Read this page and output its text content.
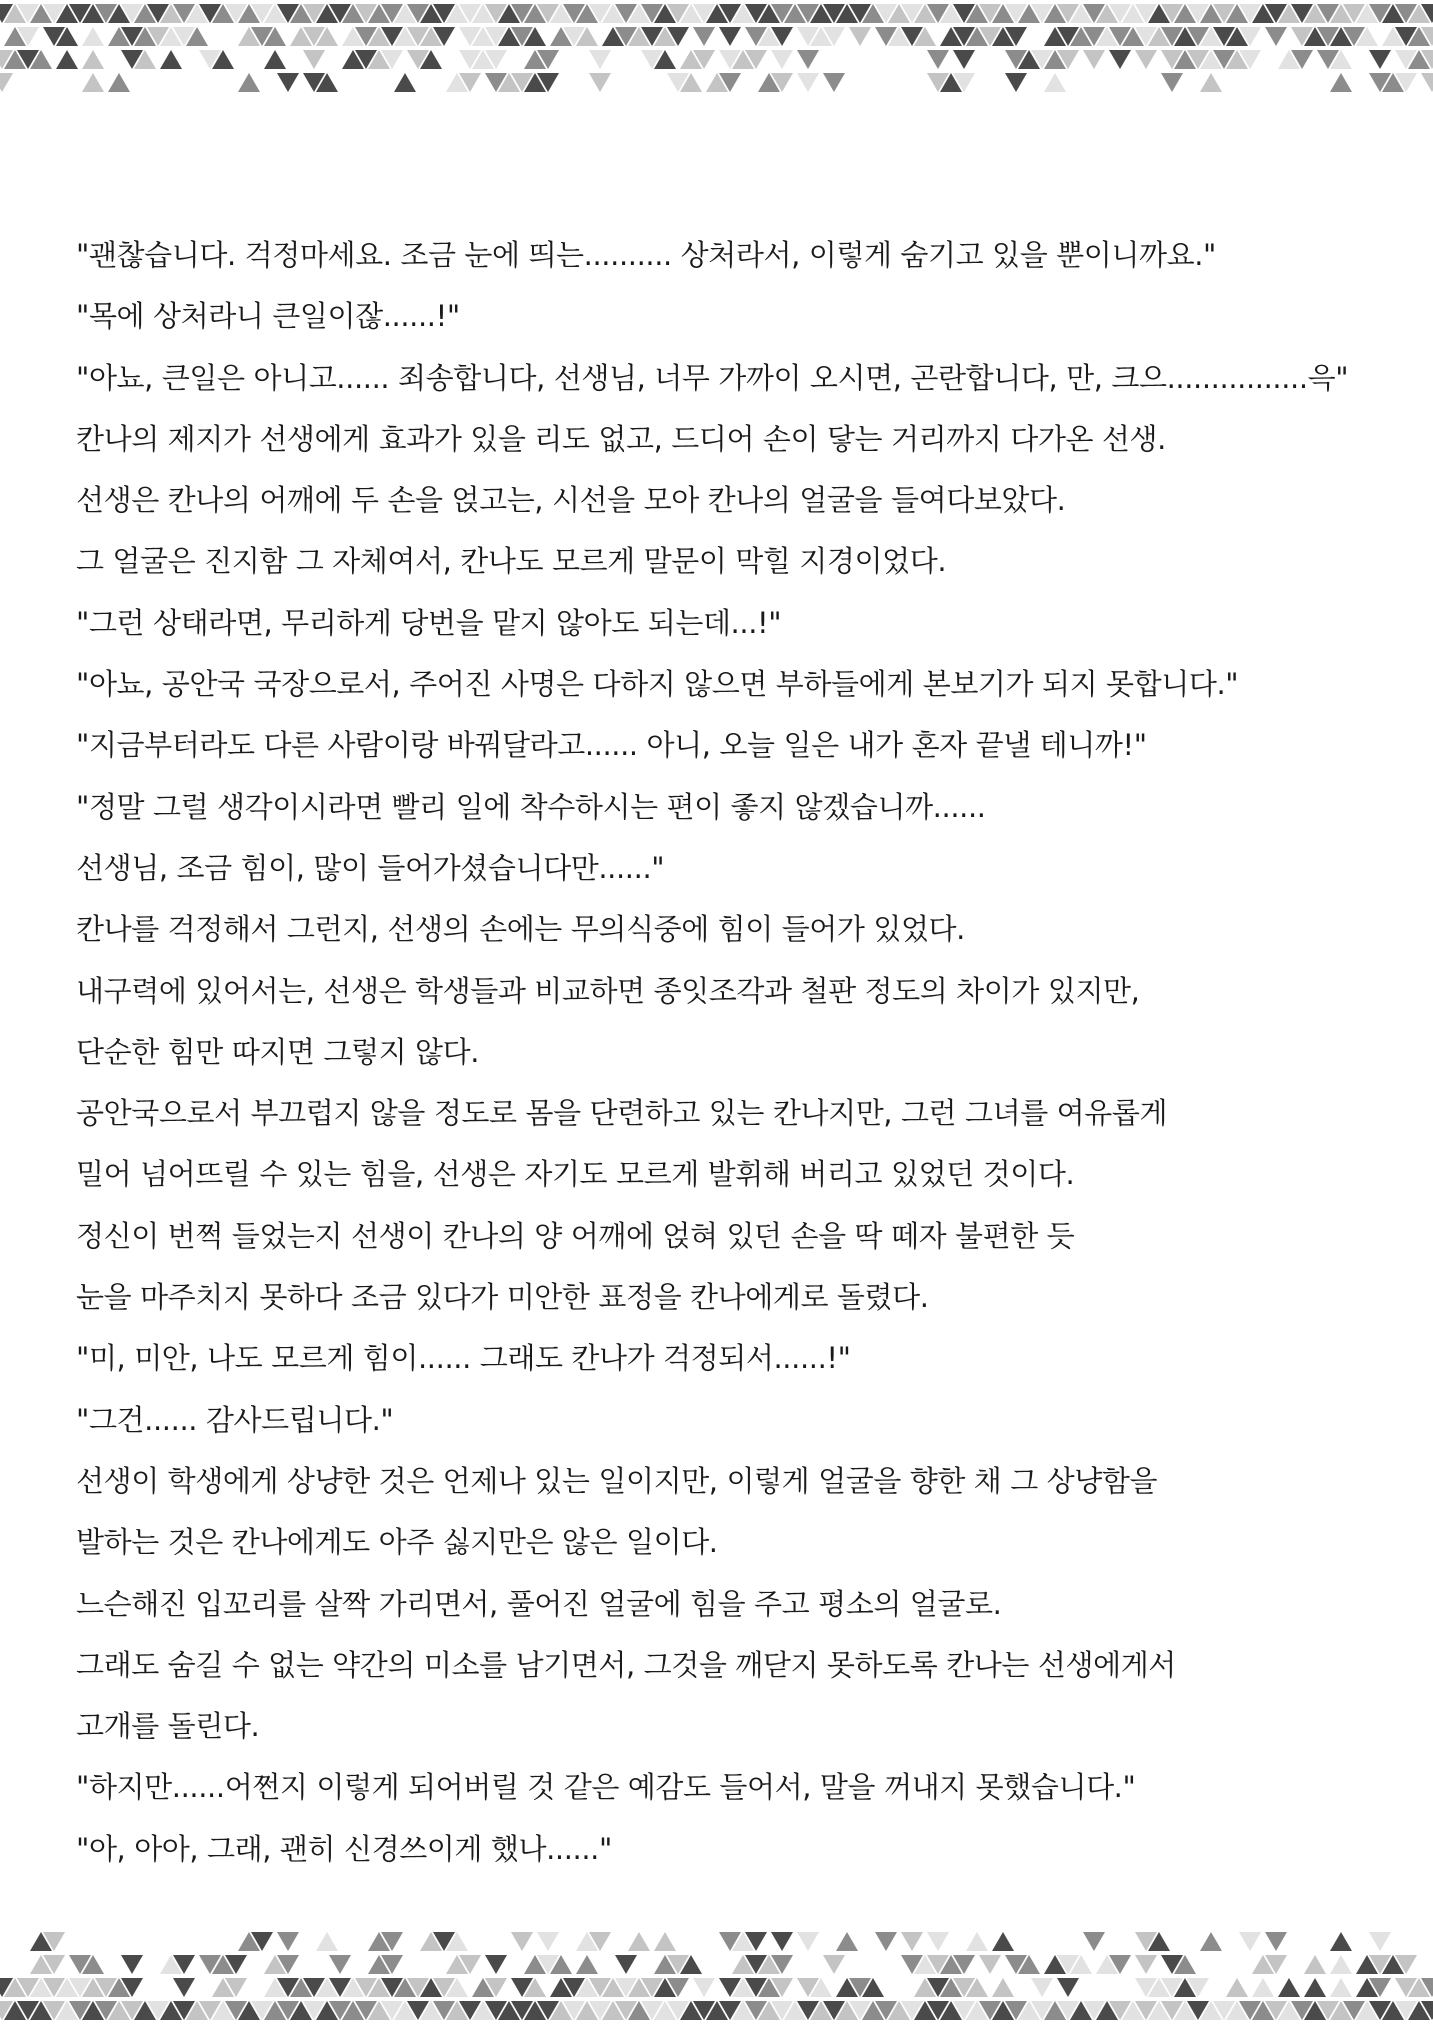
"괜찮습니다. 걱정마세요. 조금 눈에 띄는.......... 상처라서, 이렇게 숨기고 있을 뿐이니까요."
"목에 상처라니 큰일이잖......!"
"아뇨, 큰일은 아니고...... 죄송합니다, 선생님, 너무 가까이 오시면, 곤란합니다, 만, 크으................윽"
칸나의 제지가 선생에게 효과가 있을 리도 없고, 드디어 손이 닿는 거리까지 다가온 선생.
선생은 칸나의 어깨에 두 손을 얹고는, 시선을 모아 칸나의 얼굴을 들여다보았다.
그 얼굴은 진지함 그 자체여서, 칸나도 모르게 말문이 막힐 지경이었다.
"그런 상태라면, 무리하게 당번을 맡지 않아도 되는데...!"
"아뇨, 공안국 국장으로서, 주어진 사명은 다하지 않으면 부하들에게 본보기가 되지 못합니다."
"지금부터라도 다른 사람이랑 바꿔달라고...... 아니, 오늘 일은 내가 혼자 끝낼 테니까!"
"정말 그럴 생각이시라면 빨리 일에 착수하시는 편이 좋지 않겠습니까......
선생님, 조금 힘이, 많이 들어가셨습니다만......"
칸나를 걱정해서 그런지, 선생의 손에는 무의식중에 힘이 들어가 있었다.
내구력에 있어서는, 선생은 학생들과 비교하면 종잇조각과 철판 정도의 차이가 있지만,
단순한 힘만 따지면 그렇지 않다.
공안국으로서 부끄럽지 않을 정도로 몸을 단련하고 있는 칸나지만, 그런 그녀를 여유롭게
밀어 넘어뜨릴 수 있는 힘을, 선생은 자기도 모르게 발휘해 버리고 있었던 것이다.
정신이 번쩍 들었는지 선생이 칸나의 양 어깨에 얹혀 있던 손을 딱 떼자 불편한 듯
눈을 마주치지 못하다 조금 있다가 미안한 표정을 칸나에게로 돌렸다.
"미, 미안, 나도 모르게 힘이...... 그래도 칸나가 걱정되서......!"
"그건...... 감사드립니다."
선생이 학생에게 상냥한 것은 언제나 있는 일이지만, 이렇게 얼굴을 향한 채 그 상냥함을
발하는 것은 칸나에게도 아주 싫지만은 않은 일이다.
느슨해진 입꼬리를 살짝 가리면서, 풀어진 얼굴에 힘을 주고 평소의 얼굴로.
그래도 숨길 수 없는 약간의 미소를 남기면서, 그것을 깨닫지 못하도록 칸나는 선생에게서
고개를 돌린다.
"하지만......어쩐지 이렇게 되어버릴 것 같은 예감도 들어서, 말을 꺼내지 못했습니다."
"아, 아아, 그래, 괜히 신경쓰이게 했나......"
